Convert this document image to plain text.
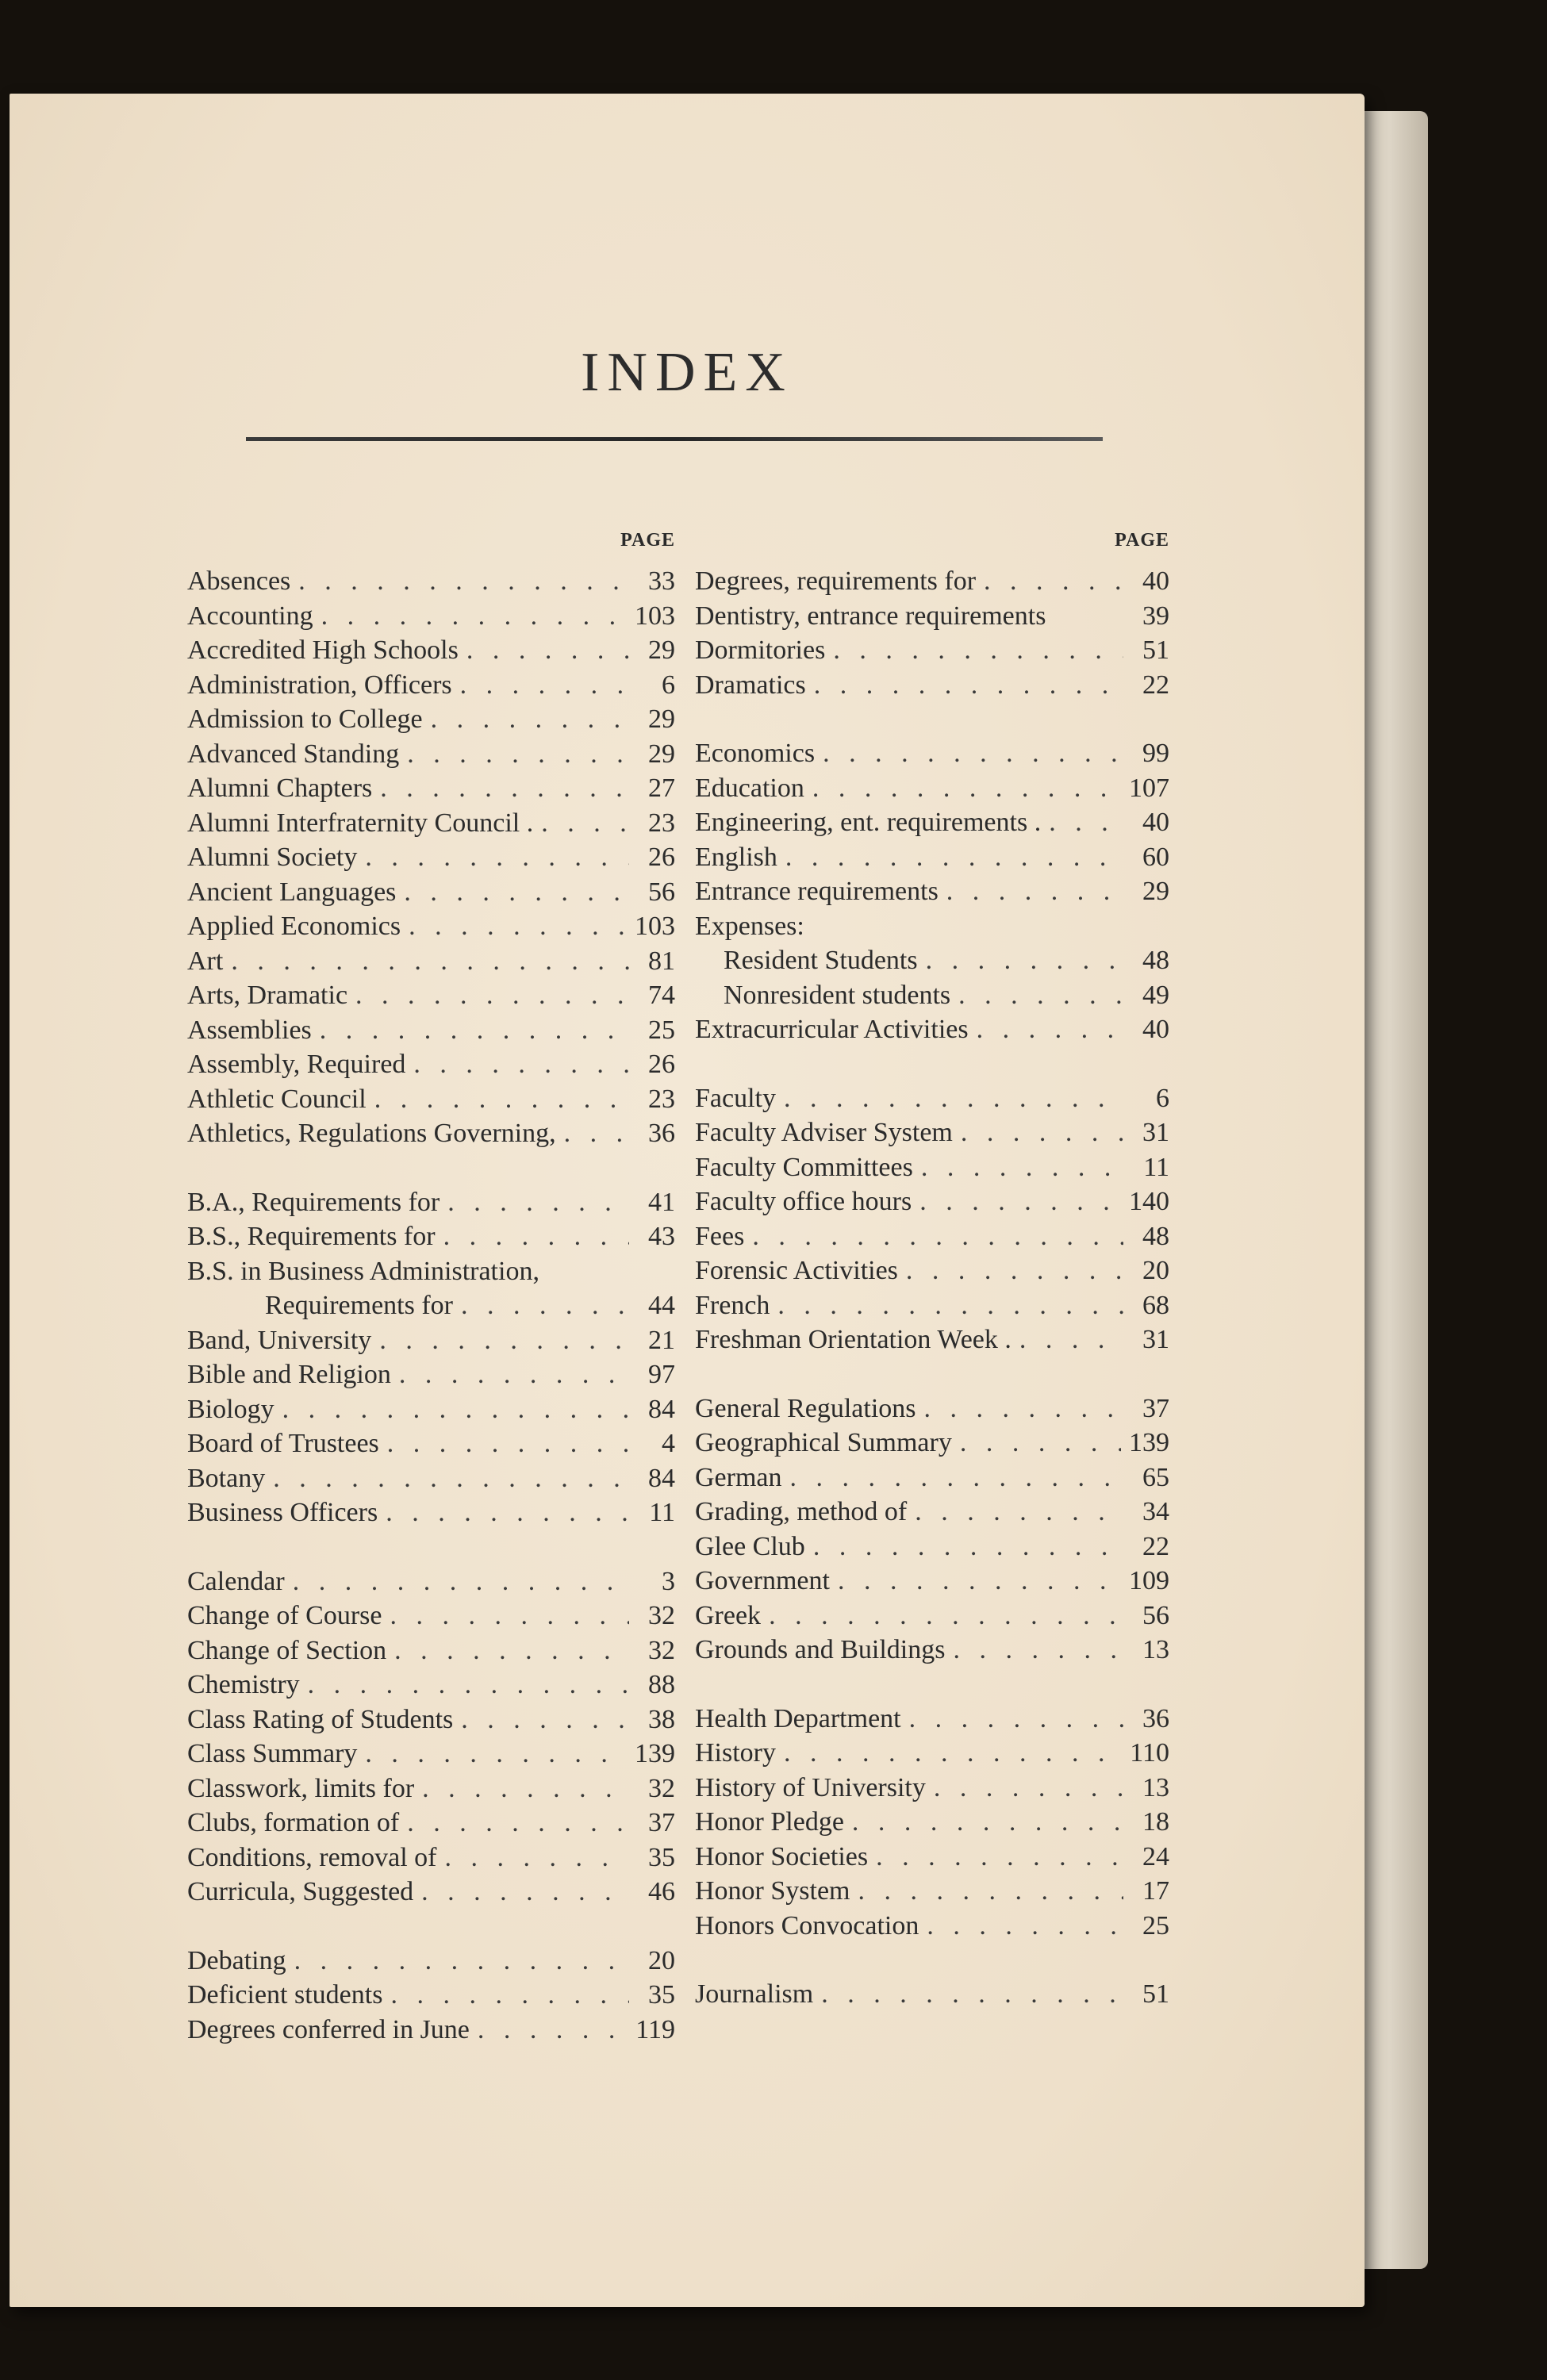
INDEX
PAGE
Absences . . .	33
Accounting . . .	103
Accredited High Schools . . .	29
Administration, Officers . . .	6
Admission to College . . .	29
Advanced Standing . . .	29
Alumni Chapters . . .	27
Alumni Interfraternity Council . . . .	23
Alumni Society . . .	26
Ancient Languages . . .	56
Applied Economics . . .	103
Art . . .	81
Arts, Dramatic . . .	74
Assemblies . . .	25
Assembly, Required . . .	26
Athletic Council . . .	23
Athletics, Regulations Governing, . . .	36
B.A., Requirements for . . .	41
B.S., Requirements for . . .	43
B.S. in Business Administration,
Requirements for . . .	44
Band, University . . .	21
Bible and Religion . . .	97
Biology . . .	84
Board of Trustees . . .	4
Botany . . .	84
Business Officers . . .	11
Calendar . . .	3
Change of Course . . .	32
Change of Section . . .	32
Chemistry . . .	88
Class Rating of Students . . .	38
Class Summary . . .	139
Classwork, limits for . . .	32
Clubs, formation of . . .	37
Conditions, removal of . . .	35
Curricula, Suggested . . .	46
Debating . . .	20
Deficient students . . .	35
Degrees conferred in June . . .	119
PAGE
Degrees, requirements for . . .	40
Dentistry, entrance requirements	39
Dormitories . . .	51
Dramatics . . .	22
Economics . . .	99
Education . . .	107
Engineering, ent. requirements . . . .	40
English . . .	60
Entrance requirements . . .	29
Expenses:
Resident Students . . .	48
Nonresident students . . .	49
Extracurricular Activities . . .	40
Faculty . . .	6
Faculty Adviser System . . .	31
Faculty Committees . . .	11
Faculty office hours . . .	140
Fees . . .	48
Forensic Activities . . .	20
French . . .	68
Freshman Orientation Week . . . .	31
General Regulations . . .	37
Geographical Summary . . .	139
German . . .	65
Grading, method of . . .	34
Glee Club . . .	22
Government . . .	109
Greek . . .	56
Grounds and Buildings . . .	13
Health Department . . .	36
History . . .	110
History of University . . .	13
Honor Pledge . . .	18
Honor Societies . . .	24
Honor System . . .	17
Honors Convocation . . .	25
Journalism . . .	51
